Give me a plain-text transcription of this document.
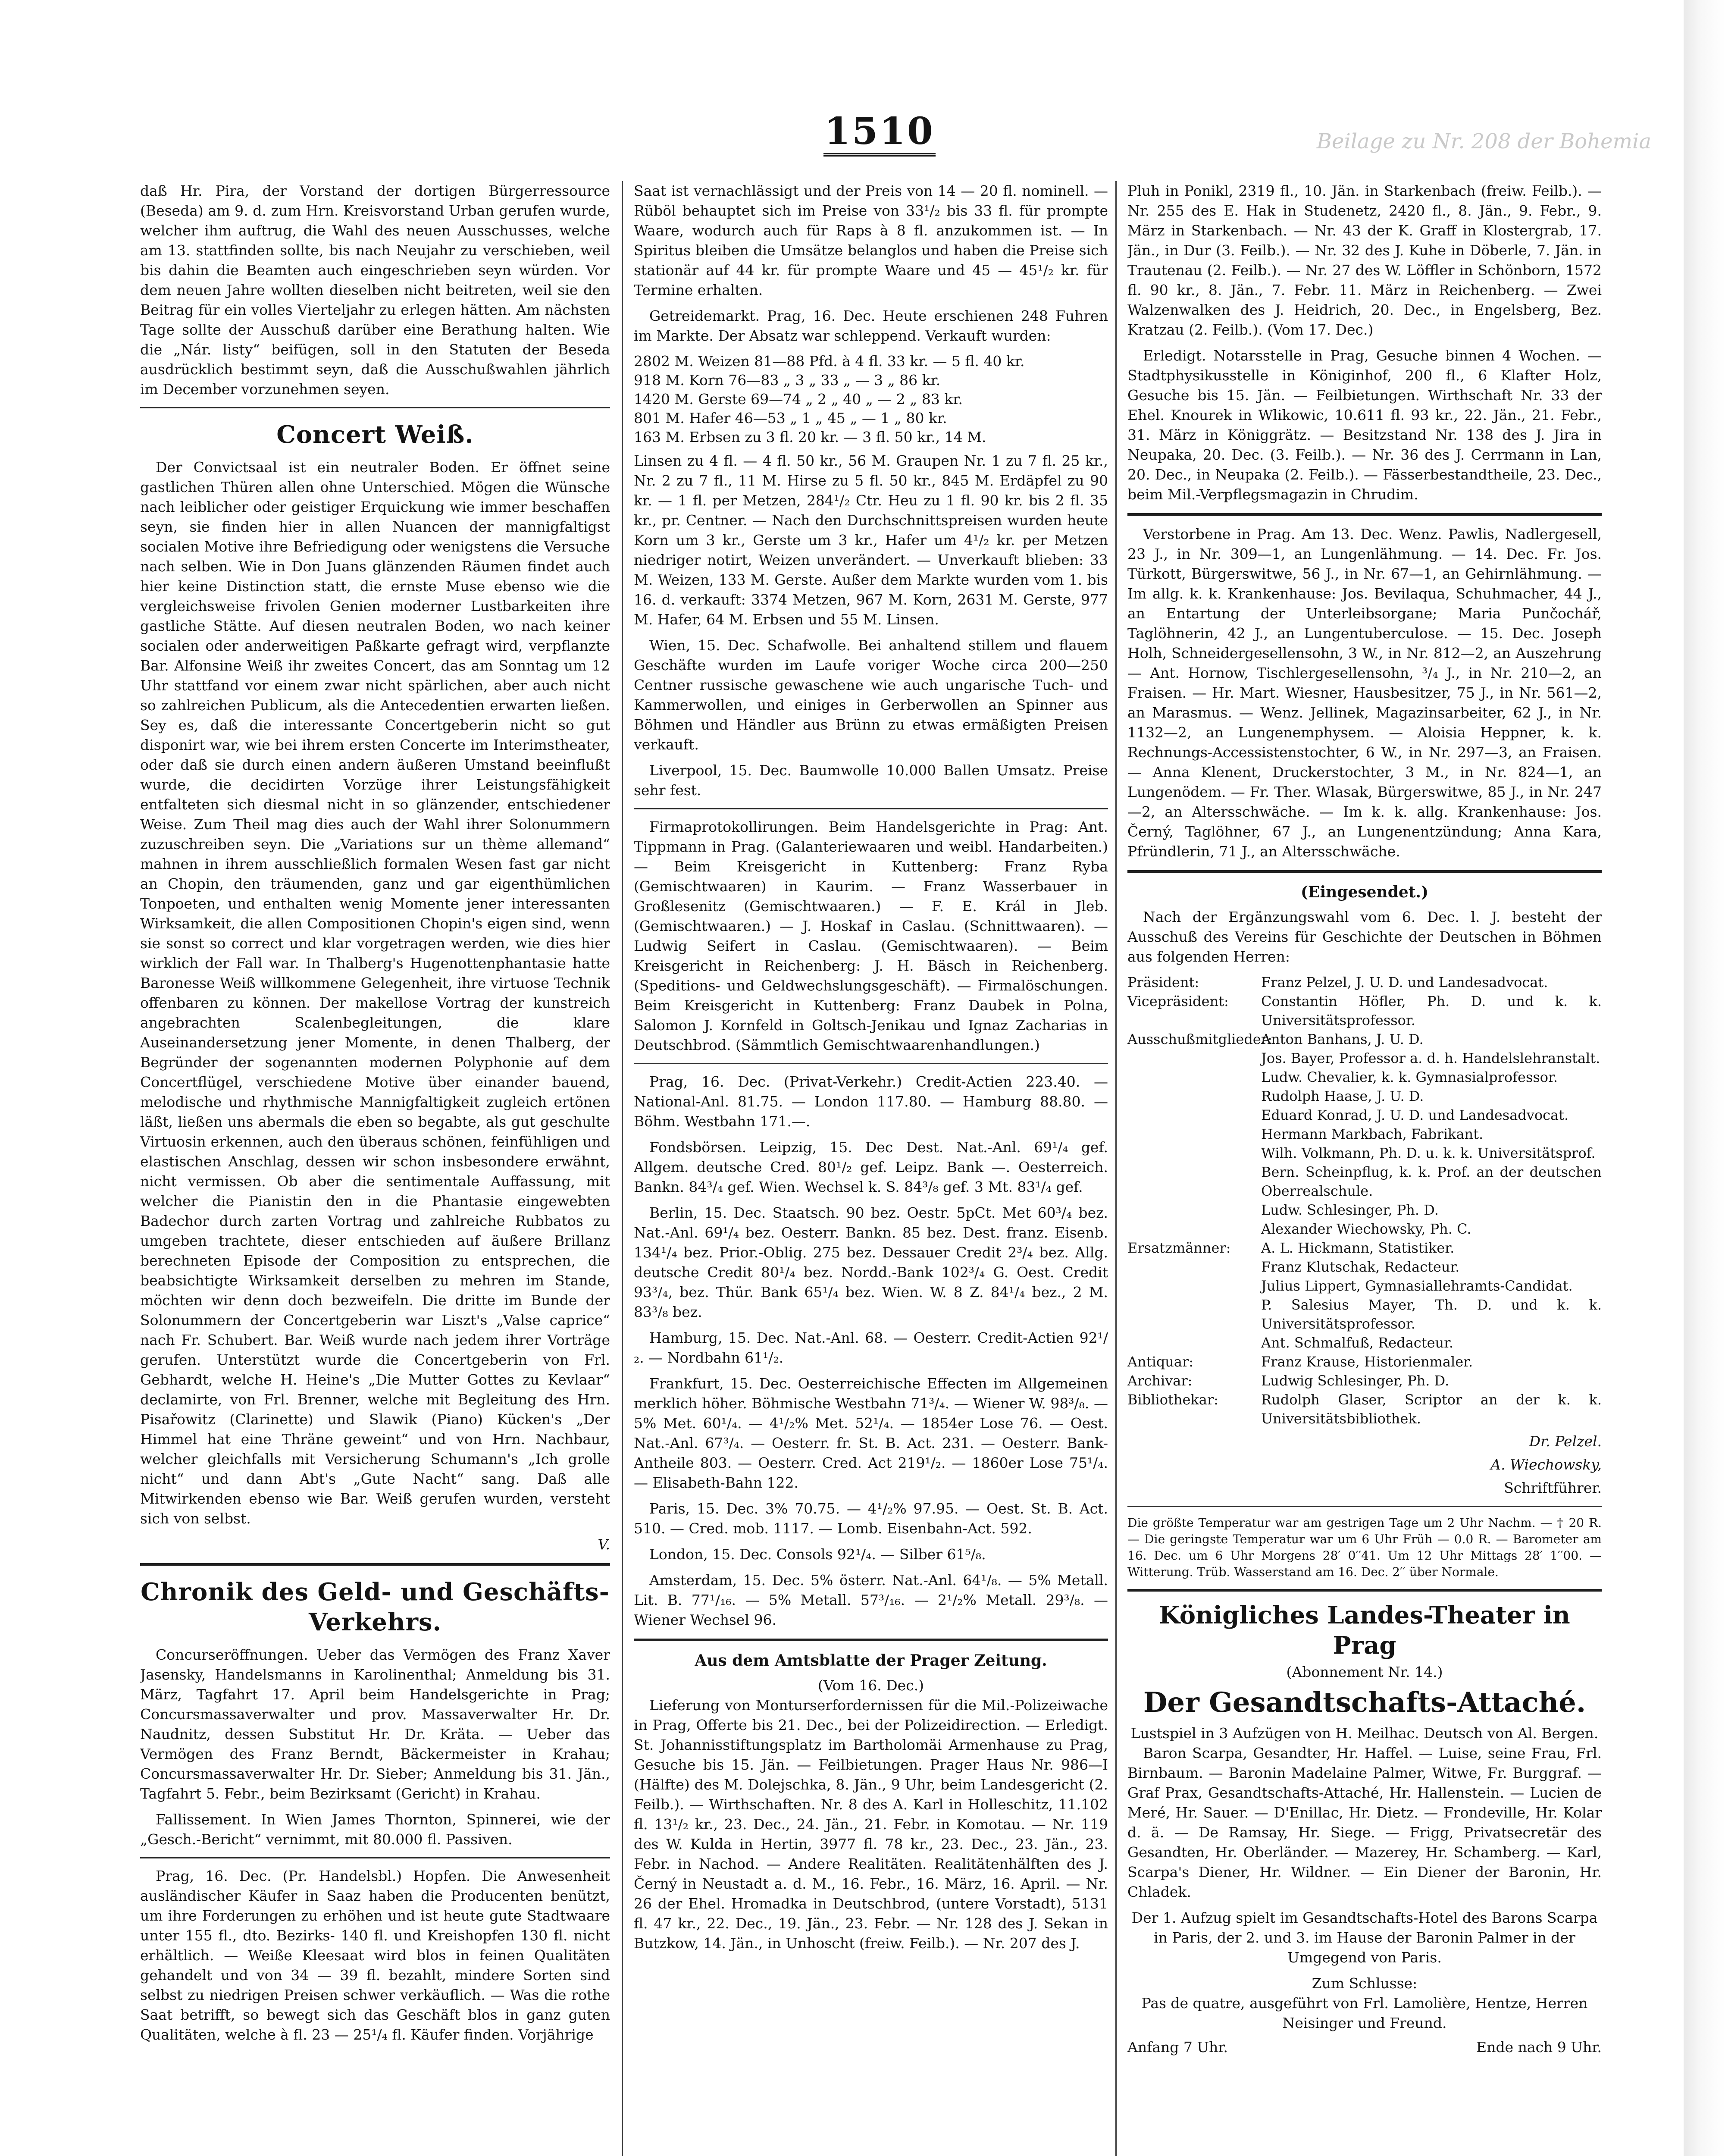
1510	Beilage zu Nr. 208 der Bohemia

daß Hr. Pira, der Vorstand der dortigen Bürgerressource (Beseda) am 9. d. zum Hrn. Kreisvorstand Urban gerufen wurde, welcher ihm auftrug, die Wahl des neuen Ausschusses, welche am 13. stattfinden sollte, bis nach Neujahr zu verschieben, weil bis dahin die Beamten auch eingeschrieben seyn würden. Vor dem neuen Jahre wollten dieselben nicht beitreten, weil sie den Beitrag für ein volles Vierteljahr zu erlegen hätten. Am nächsten Tage sollte der Ausschuß darüber eine Berathung halten. Wie die „Nár. listy“ beifügen, soll in den Statuten der Beseda ausdrücklich bestimmt seyn, daß die Ausschußwahlen jährlich im December vorzunehmen seyen.

Concert Weiß.

Der Convictsaal ist ein neutraler Boden. Er öffnet seine gastlichen Thüren allen ohne Unterschied. Mögen die Wünsche nach leiblicher oder geistiger Erquickung wie immer beschaffen seyn, sie finden hier in allen Nuancen der mannigfaltigst socialen Motive ihre Befriedigung oder wenigstens die Versuche nach selben. Wie in Don Juans glänzenden Räumen findet auch hier keine Distinction statt, die ernste Muse ebenso wie die vergleichsweise frivolen Genien moderner Lustbarkeiten ihre gastliche Stätte. Auf diesen neutralen Boden, wo nach keiner socialen oder anderweitigen Paßkarte gefragt wird, verpflanzte Bar. Alfonsine Weiß ihr zweites Concert, das am Sonntag um 12 Uhr stattfand vor einem zwar nicht spärlichen, aber auch nicht so zahlreichen Publicum, als die Antecedentien erwarten ließen. Sey es, daß die interessante Concertgeberin nicht so gut disponirt war, wie bei ihrem ersten Concerte im Interimstheater, oder daß sie durch einen andern äußeren Umstand beeinflußt wurde, die decidirten Vorzüge ihrer Leistungsfähigkeit entfalteten sich diesmal nicht in so glänzender, entschiedener Weise. Zum Theil mag dies auch der Wahl ihrer Solonummern zuzuschreiben seyn. Die „Variations sur un thème allemand“ mahnen in ihrem ausschließlich formalen Wesen fast gar nicht an Chopin, den träumenden, ganz und gar eigenthümlichen Tonpoeten, und enthalten wenig Momente jener interessanten Wirksamkeit, die allen Compositionen Chopin's eigen sind, wenn sie sonst so correct und klar vorgetragen werden, wie dies hier wirklich der Fall war. In Thalberg's Hugenottenphantasie hatte Baronesse Weiß willkommene Gelegenheit, ihre virtuose Technik offenbaren zu können. Der makellose Vortrag der kunstreich angebrachten Scalenbegleitungen, die klare Auseinandersetzung jener Momente, in denen Thalberg, der Begründer der sogenannten modernen Polyphonie auf dem Concertflügel, verschiedene Motive über einander bauend, melodische und rhythmische Mannigfaltigkeit zugleich ertönen läßt, ließen uns abermals die eben so begabte, als gut geschulte Virtuosin erkennen, auch den überaus schönen, feinfühligen und elastischen Anschlag, dessen wir schon insbesondere erwähnt, nicht vermissen. Ob aber die sentimentale Auffassung, mit welcher die Pianistin den in die Phantasie eingewebten Badechor durch zarten Vortrag und zahlreiche Rubbatos zu umgeben trachtete, dieser entschieden auf äußere Brillanz berechneten Episode der Composition zu entsprechen, die beabsichtigte Wirksamkeit derselben zu mehren im Stande, möchten wir denn doch bezweifeln. Die dritte im Bunde der Solonummern der Concertgeberin war Liszt's „Valse caprice“ nach Fr. Schubert. Bar. Weiß wurde nach jedem ihrer Vorträge gerufen. Unterstützt wurde die Concertgeberin von Frl. Gebhardt, welche H. Heine's „Die Mutter Gottes zu Kevlaar“ declamirte, von Frl. Brenner, welche mit Begleitung des Hrn. Pisařowitz (Clarinette) und Slawik (Piano) Kücken's „Der Himmel hat eine Thräne geweint“ und von Hrn. Nachbaur, welcher gleichfalls mit Versicherung Schumann's „Ich grolle nicht“ und dann Abt's „Gute Nacht“ sang. Daß alle Mitwirkenden ebenso wie Bar. Weiß gerufen wurden, versteht sich von selbst.

V.
Chronik des Geld- und Geschäfts-Verkehrs.

Concurseröffnungen. Ueber das Vermögen des Franz Xaver Jasensky, Handelsmanns in Karolinenthal; Anmeldung bis 31. März, Tagfahrt 17. April beim Handelsgerichte in Prag; Concursmassaverwalter und prov. Massaverwalter Hr. Dr. Naudnitz, dessen Substitut Hr. Dr. Kräta. — Ueber das Vermögen des Franz Berndt, Bäckermeister in Krahau; Concursmassaverwalter Hr. Dr. Sieber; Anmeldung bis 31. Jän., Tagfahrt 5. Febr., beim Bezirksamt (Gericht) in Krahau.

Fallissement. In Wien James Thornton, Spinnerei, wie der „Gesch.-Bericht“ vernimmt, mit 80.000 fl. Passiven.

Prag, 16. Dec. (Pr. Handelsbl.) Hopfen. Die Anwesenheit ausländischer Käufer in Saaz haben die Producenten benützt, um ihre Forderungen zu erhöhen und ist heute gute Stadtwaare unter 155 fl., dto. Bezirks- 140 fl. und Kreishopfen 130 fl. nicht erhältlich. — Weiße Kleesaat wird blos in feinen Qualitäten gehandelt und von 34 — 39 fl. bezahlt, mindere Sorten sind selbst zu niedrigen Preisen schwer verkäuflich. — Was die rothe Saat betrifft, so bewegt sich das Geschäft blos in ganz guten Qualitäten, welche à fl. 23 — 25¹/₄ fl. Käufer finden. Vorjährige

Saat ist vernachlässigt und der Preis von 14 — 20 fl. nominell. — Rüböl behauptet sich im Preise von 33¹/₂ bis 33 fl. für prompte Waare, wodurch auch für Raps à 8 fl. anzukommen ist. — In Spiritus bleiben die Umsätze belanglos und haben die Preise sich stationär auf 44 kr. für prompte Waare und 45 — 45¹/₂ kr. für Termine erhalten.

Getreidemarkt. Prag, 16. Dec. Heute erschienen 248 Fuhren im Markte. Der Absatz war schleppend. Verkauft wurden:

2802 M. Weizen 81—88 Pfd. à 4 fl. 33 kr. — 5 fl. 40 kr.
918 M. Korn 76—83 „ 3 „ 33 „ — 3 „ 86 kr.
1420 M. Gerste 69—74 „ 2 „ 40 „ — 2 „ 83 kr.
801 M. Hafer 46—53 „ 1 „ 45 „ — 1 „ 80 kr.
163 M. Erbsen zu 3 fl. 20 kr. — 3 fl. 50 kr., 14 M.

Linsen zu 4 fl. — 4 fl. 50 kr., 56 M. Graupen Nr. 1 zu 7 fl. 25 kr., Nr. 2 zu 7 fl., 11 M. Hirse zu 5 fl. 50 kr., 845 M. Erdäpfel zu 90 kr. — 1 fl. per Metzen, 284¹/₂ Ctr. Heu zu 1 fl. 90 kr. bis 2 fl. 35 kr., pr. Centner. — Nach den Durchschnittspreisen wurden heute Korn um 3 kr., Gerste um 3 kr., Hafer um 4¹/₂ kr. per Metzen niedriger notirt, Weizen unverändert. — Unverkauft blieben: 33 M. Weizen, 133 M. Gerste. Außer dem Markte wurden vom 1. bis 16. d. verkauft: 3374 Metzen, 967 M. Korn, 2631 M. Gerste, 977 M. Hafer, 64 M. Erbsen und 55 M. Linsen.

Wien, 15. Dec. Schafwolle. Bei anhaltend stillem und flauem Geschäfte wurden im Laufe voriger Woche circa 200—250 Centner russische gewaschene wie auch ungarische Tuch- und Kammerwollen, und einiges in Gerberwollen an Spinner aus Böhmen und Händler aus Brünn zu etwas ermäßigten Preisen verkauft.

Liverpool, 15. Dec. Baumwolle 10.000 Ballen Umsatz. Preise sehr fest.

Firmaprotokollirungen. Beim Handelsgerichte in Prag: Ant. Tippmann in Prag. (Galanteriewaaren und weibl. Handarbeiten.) — Beim Kreisgericht in Kuttenberg: Franz Ryba (Gemischtwaaren) in Kaurim. — Franz Wasserbauer in Großlesenitz (Gemischtwaaren.) — F. E. Král in Jleb. (Gemischtwaaren.) — J. Hoskaf in Caslau. (Schnittwaaren). — Ludwig Seifert in Caslau. (Gemischtwaaren). — Beim Kreisgericht in Reichenberg: J. H. Bäsch in Reichenberg. (Speditions- und Geldwechslungsgeschäft). — Firmalöschungen. Beim Kreisgericht in Kuttenberg: Franz Daubek in Polna, Salomon J. Kornfeld in Goltsch-Jenikau und Ignaz Zacharias in Deutschbrod. (Sämmtlich Gemischtwaarenhandlungen.)

Prag, 16. Dec. (Privat-Verkehr.) Credit-Actien 223.40. — National-Anl. 81.75. — London 117.80. — Hamburg 88.80. — Böhm. Westbahn 171.—.

Fondsbörsen. Leipzig, 15. Dec Dest. Nat.-Anl. 69¹/₄ gef. Allgem. deutsche Cred. 80¹/₂ gef. Leipz. Bank —. Oesterreich. Bankn. 84³/₄ gef. Wien. Wechsel k. S. 84³/₈ gef. 3 Mt. 83¹/₄ gef.

Berlin, 15. Dec. Staatsch. 90 bez. Oestr. 5pCt. Met 60³/₄ bez. Nat.-Anl. 69¹/₄ bez. Oesterr. Bankn. 85 bez. Dest. franz. Eisenb. 134¹/₄ bez. Prior.-Oblig. 275 bez. Dessauer Credit 2³/₄ bez. Allg. deutsche Credit 80¹/₄ bez. Nordd.-Bank 102³/₄ G. Oest. Credit 93³/₄, bez. Thür. Bank 65¹/₄ bez. Wien. W. 8 Z. 84¹/₄ bez., 2 M. 83³/₈ bez.

Hamburg, 15. Dec. Nat.-Anl. 68. — Oesterr. Credit-Actien 92¹/₂. — Nordbahn 61¹/₂.

Frankfurt, 15. Dec. Oesterreichische Effecten im Allgemeinen merklich höher. Böhmische Westbahn 71³/₄. — Wiener W. 98³/₈. — 5% Met. 60¹/₄. — 4¹/₂% Met. 52¹/₄. — 1854er Lose 76. — Oest. Nat.-Anl. 67³/₄. — Oesterr. fr. St. B. Act. 231. — Oesterr. Bank-Antheile 803. — Oesterr. Cred. Act 219¹/₂. — 1860er Lose 75¹/₄. — Elisabeth-Bahn 122.

Paris, 15. Dec. 3% 70.75. — 4¹/₂% 97.95. — Oest. St. B. Act. 510. — Cred. mob. 1117. — Lomb. Eisenbahn-Act. 592.

London, 15. Dec. Consols 92¹/₄. — Silber 61⁵/₈.

Amsterdam, 15. Dec. 5% österr. Nat.-Anl. 64¹/₈. — 5% Metall. Lit. B. 77¹/₁₆. — 5% Metall. 57³/₁₆. — 2¹/₂% Metall. 29³/₈. — Wiener Wechsel 96.

Aus dem Amtsblatte der Prager Zeitung.
(Vom 16. Dec.)

Lieferung von Monturserfordernissen für die Mil.-Polizeiwache in Prag, Offerte bis 21. Dec., bei der Polizeidirection. — Erledigt. St. Johannisstiftungsplatz im Bartholomäi Armenhause zu Prag, Gesuche bis 15. Jän. — Feilbietungen. Prager Haus Nr. 986—I (Hälfte) des M. Dolejschka, 8. Jän., 9 Uhr, beim Landesgericht (2. Feilb.). — Wirthschaften. Nr. 8 des A. Karl in Holleschitz, 11.102 fl. 13¹/₂ kr., 23. Dec., 24. Jän., 21. Febr. in Komotau. — Nr. 119 des W. Kulda in Hertin, 3977 fl. 78 kr., 23. Dec., 23. Jän., 23. Febr. in Nachod. — Andere Realitäten. Realitätenhälften des J. Černý in Neustadt a. d. M., 16. Febr., 16. März, 16. April. — Nr. 26 der Ehel. Hromadka in Deutschbrod, (untere Vorstadt), 5131 fl. 47 kr., 22. Dec., 19. Jän., 23. Febr. — Nr. 128 des J. Sekan in Butzkow, 14. Jän., in Unhoscht (freiw. Feilb.). — Nr. 207 des J.

Pluh in Ponikl, 2319 fl., 10. Jän. in Starkenbach (freiw. Feilb.). — Nr. 255 des E. Hak in Studenetz, 2420 fl., 8. Jän., 9. Febr., 9. März in Starkenbach. — Nr. 43 der K. Graff in Klostergrab, 17. Jän., in Dur (3. Feilb.). — Nr. 32 des J. Kuhe in Döberle, 7. Jän. in Trautenau (2. Feilb.). — Nr. 27 des W. Löffler in Schönborn, 1572 fl. 90 kr., 8. Jän., 7. Febr. 11. März in Reichenberg. — Zwei Walzenwalken des J. Heidrich, 20. Dec., in Engelsberg, Bez. Kratzau (2. Feilb.). (Vom 17. Dec.)

Erledigt. Notarsstelle in Prag, Gesuche binnen 4 Wochen. — Stadtphysikusstelle in Königinhof, 200 fl., 6 Klafter Holz, Gesuche bis 15. Jän. — Feilbietungen. Wirthschaft Nr. 33 der Ehel. Knourek in Wlikowic, 10.611 fl. 93 kr., 22. Jän., 21. Febr., 31. März in Königgrätz. — Besitzstand Nr. 138 des J. Jira in Neupaka, 20. Dec. (3. Feilb.). — Nr. 36 des J. Cerrmann in Lan, 20. Dec., in Neupaka (2. Feilb.). — Fässerbestandtheile, 23. Dec., beim Mil.-Verpflegsmagazin in Chrudim.

Verstorbene in Prag. Am 13. Dec. Wenz. Pawlis, Nadlergesell, 23 J., in Nr. 309—1, an Lungenlähmung. — 14. Dec. Fr. Jos. Türkott, Bürgerswitwe, 56 J., in Nr. 67—1, an Gehirnlähmung. — Im allg. k. k. Krankenhause: Jos. Bevilaqua, Schuhmacher, 44 J., an Entartung der Unterleibsorgane; Maria Punčochář, Taglöhnerin, 42 J., an Lungentuberculose. — 15. Dec. Joseph Holh, Schneidergesellensohn, 3 W., in Nr. 812—2, an Auszehrung — Ant. Hornow, Tischlergesellensohn, ³/₄ J., in Nr. 210—2, an Fraisen. — Hr. Mart. Wiesner, Hausbesitzer, 75 J., in Nr. 561—2, an Marasmus. — Wenz. Jellinek, Magazinsarbeiter, 62 J., in Nr. 1132—2, an Lungenemphysem. — Aloisia Heppner, k. k. Rechnungs-Accessistenstochter, 6 W., in Nr. 297—3, an Fraisen. — Anna Klenent, Druckerstochter, 3 M., in Nr. 824—1, an Lungenödem. — Fr. Ther. Wlasak, Bürgerswitwe, 85 J., in Nr. 247—2, an Altersschwäche. — Im k. k. allg. Krankenhause: Jos. Černý, Taglöhner, 67 J., an Lungenentzündung; Anna Kara, Pfründlerin, 71 J., an Altersschwäche.

(Eingesendet.)

Nach der Ergänzungswahl vom 6. Dec. l. J. besteht der Ausschuß des Vereins für Geschichte der Deutschen in Böhmen aus folgenden Herren:

Präsident:	Franz Pelzel, J. U. D. und Landesadvocat.
Vicepräsident:	Constantin Höfler, Ph. D. und k. k. Universitätsprofessor.
Ausschußmitglieder:
Anton Banhans, J. U. D.
Jos. Bayer, Professor a. d. h. Handelslehranstalt.
Ludw. Chevalier, k. k. Gymnasialprofessor.
Rudolph Haase, J. U. D.
Eduard Konrad, J. U. D. und Landesadvocat.
Hermann Markbach, Fabrikant.
Wilh. Volkmann, Ph. D. u. k. k. Universitätsprof.
Bern. Scheinpflug, k. k. Prof. an der deutschen Oberrealschule.
Ludw. Schlesinger, Ph. D.
Alexander Wiechowsky, Ph. C.
Ersatzmänner:	A. L. Hickmann, Statistiker.
Franz Klutschak, Redacteur.
Julius Lippert, Gymnasiallehramts-Candidat.
P. Salesius Mayer, Th. D. und k. k. Universitätsprofessor.
Ant. Schmalfuß, Redacteur.
Antiquar:	Franz Krause, Historienmaler.
Archivar:	Ludwig Schlesinger, Ph. D.
Bibliothekar:	Rudolph Glaser, Scriptor an der k. k. Universitätsbibliothek.
Dr. Pelzel.
A. Wiechowsky,
Schriftführer.
Die größte Temperatur war am gestrigen Tage um 2 Uhr Nachm. — † 20 R. — Die geringste Temperatur war um 6 Uhr Früh — 0.0 R. — Barometer am 16. Dec. um 6 Uhr Morgens 28′ 0′′41. Um 12 Uhr Mittags 28′ 1′′00. — Witterung. Trüb. Wasserstand am 16. Dec. 2′′ über Normale.
Königliches Landes-Theater in Prag
(Abonnement Nr. 14.)
Der Gesandtschafts-Attaché.
Lustspiel in 3 Aufzügen von H. Meilhac. Deutsch von Al. Bergen.

Baron Scarpa, Gesandter, Hr. Haffel. — Luise, seine Frau, Frl. Birnbaum. — Baronin Madelaine Palmer, Witwe, Fr. Burggraf. — Graf Prax, Gesandtschafts-Attaché, Hr. Hallenstein. — Lucien de Meré, Hr. Sauer. — D'Enillac, Hr. Dietz. — Frondeville, Hr. Kolar d. ä. — De Ramsay, Hr. Siege. — Frigg, Privatsecretär des Gesandten, Hr. Oberländer. — Mazerey, Hr. Schamberg. — Karl, Scarpa's Diener, Hr. Wildner. — Ein Diener der Baronin, Hr. Chladek.

Der 1. Aufzug spielt im Gesandtschafts-Hotel des Barons Scarpa in Paris, der 2. und 3. im Hause der Baronin Palmer in der Umgegend von Paris.

Zum Schlusse:
Pas de quatre, ausgeführt von Frl. Lamolière, Hentze, Herren Neisinger und Freund.
Anfang 7 Uhr.	Ende nach 9 Uhr.
